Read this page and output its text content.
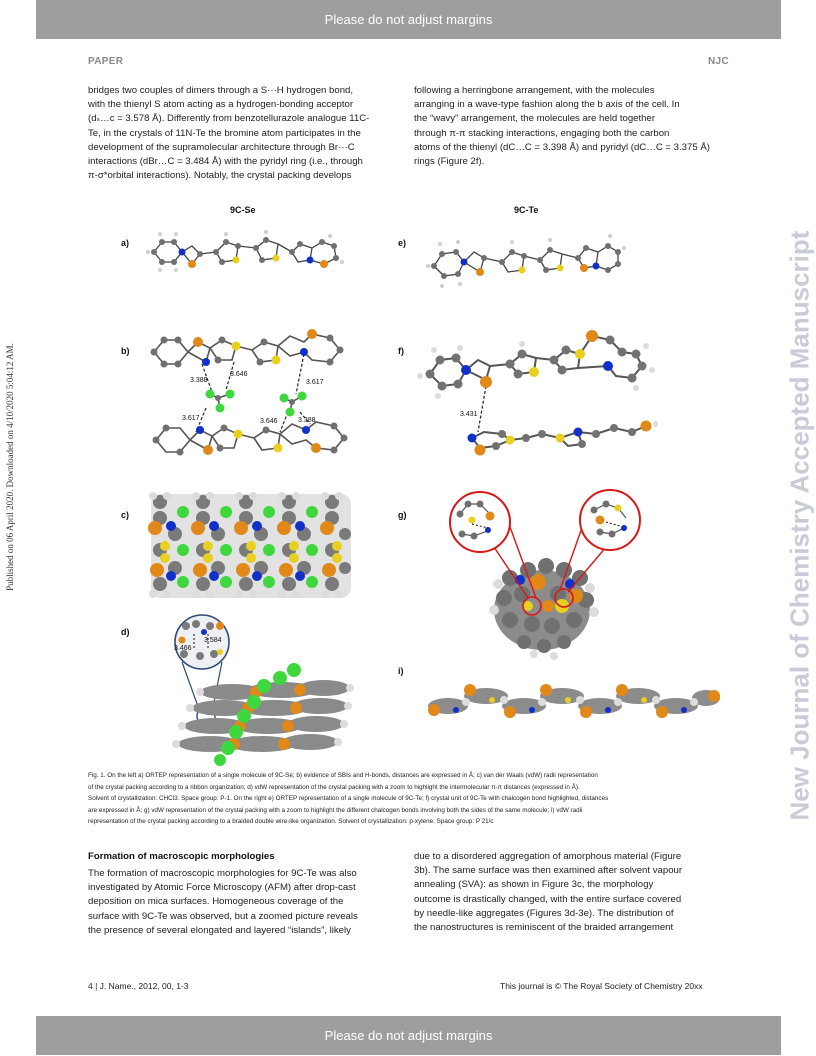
Please do not adjust margins
PAPER	NJC
Published on 06 April 2020. Downloaded on 4/10/2020 5:04:12 AM.	New Journal of Chemistry Accepted Manuscript
bridges two couples of dimers through a S···H hydrogen bond,
with the thienyl S atom acting as a hydrogen-bonding acceptor
(dₛ…c = 3.578 Å). Differently from benzotellurazole analogue 11C-
Te, in the crystals of 11N-Te the bromine atom participates in the
development of the supramolecular architecture through Br···C
interactions (dBr…C = 3.484 Å) with the pyridyl ring (i.e., through
π-σ*orbital interactions). Notably, the crystal packing develops
following a herringbone arrangement, with the molecules
arranging in a wave-type fashion along the b axis of the cell. In
the “wavy” arrangement, the molecules are held together
through π-π stacking interactions, engaging both the carbon
atoms of the thienyl (dC…C = 3.398 Å) and pyridyl (dC…C = 3.375 Å)
rings (Figure 2f).
9C-Se	9C-Te
a)
b)
c)
d)
e)
f)
g)
i)
3.388
3.646
3.617
3.617	3.646	3.388
3.466
3.584
3.431
Fig. 1. On the left a) ORTEP representation of a single molecule of 9C-Se; b) evidence of SBIs and H-bonds, distances are expressed in Å; c) van der Waals (vdW) radii representation
of the crystal packing according to a ribbon organization; d) vdW representation of the crystal packing with a zoom to highlight the intermolecular π-π distances (expressed in Å).
Solvent of crystallization: CHCl3. Space group: P-1. On the right e) ORTEP representation of a single molecule of 9C-Te; f) crystal unit of 9C-Te with chalcogen bond highlighted, distances
are expressed in Å; g) vdW representation of the crystal packing with a zoom to highlight the different chalcogen bonds involving both the sides of the same molecule; i) vdW radii
representation of the crystal packing according to a braided double wire-like organization. Solvent of crystallization: p-xylene. Space group: P 21/c
Formation of macroscopic morphologies
The formation of macroscopic morphologies for 9C-Te was also
investigated by Atomic Force Microscopy (AFM) after drop-cast
deposition on mica surfaces. Homogeneous coverage of the
surface with 9C-Te was observed, but a zoomed picture reveals
the presence of several elongated and layered “islands”, likely
due to a disordered aggregation of amorphous material (Figure
3b). The same surface was then examined after solvent vapour
annealing (SVA): as shown in Figure 3c, the morphology
outcome is drastically changed, with the entire surface covered
by needle-like aggregates (Figures 3d-3e). The distribution of
the nanostructures is reminiscent of the braided arrangement
4 | J. Name., 2012, 00, 1-3	This journal is © The Royal Society of Chemistry 20xx
Please do not adjust margins
